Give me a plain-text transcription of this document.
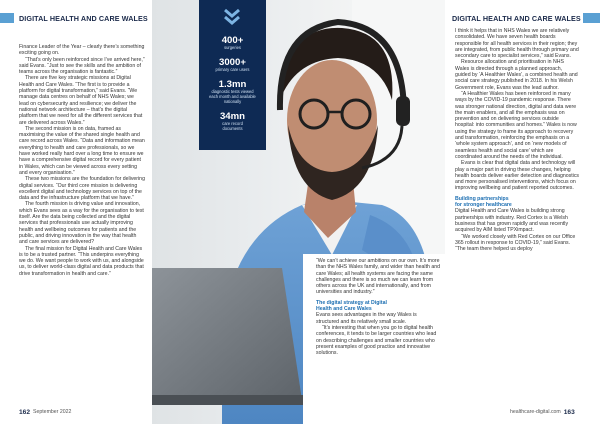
400+
surgeries
3000+
primary care users
1.3mn
diagnostic tests viewed
each month and available
nationally
34mn
care record
documents
DIGITAL HEALTH AND CARE WALES	DIGITAL HEALTH AND CARE WALES

Finance Leader of the Year – clearly there’s something exciting going on.

“That’s only been reinforced since I’ve arrived here,” said Evans. “Just to see the skills and the ambition of teams across the organisation is fantastic.”

There are five key strategic missions at Digital Health and Care Wales. “The first is to provide a platform for digital transformation,” said Evans. “We manage data centres on behalf of NHS Wales; we lead on cybersecurity and resilience; we deliver the national network architecture – that’s the digital platform that we need for all the different services that are delivered across Wales.”

The second mission is on data, framed as maximising the value of the shared single health and care record across Wales. “Data and information mean everything to health and care professionals, so we have worked really hard over a long time to ensure we have a comprehensive digital record for every patient in Wales, which can be viewed across every setting and every organisation.”

These two missions are the foundation for delivering digital services. “Our third core mission is delivering excellent digital and technology services on top of the data and the infrastructure platform that we have.”

The fourth mission is driving value and innovation, which Evans sees as a way for the organisation to test itself. Are the data being collected and the digital services that professionals use actually improving health and wellbeing outcomes for patients and the public, and driving innovation in the way that health and care services are delivered?

The final mission for Digital Health and Care Wales is to be a trusted partner. “This underpins everything we do. We want people to work with us, and alongside us, to deliver world-class digital and data products that drive transformation in health and care.”

“We can’t achieve our ambitions on our own. It’s more than the NHS Wales family, and wider than health and care Wales; all health systems are facing the same challenges and there is so much we can learn from others across the UK and internationally, and from universities and industry.”

The digital strategy at Digital
Health and Care Wales

Evans sees advantages in the way Wales is structured and its relatively small scale.

“It’s interesting that when you go to digital health conferences, it tends to be larger countries who lead on describing challenges and smaller countries who present examples of good practice and innovative solutions.

I think it helps that in NHS Wales we are relatively consolidated. We have seven health boards responsible for all health services in their region; they are integrated, from public health through primary and secondary care to specialist services,” said Evans.

Resource allocation and prioritisation in NHS Wales is directed through a planned approach, guided by ‘A Healthier Wales’, a combined health and social care strategy published in 2018. In his Welsh Government role, Evans was the lead author.

“A Healthier Wales has been reinforced in many ways by the COVID-19 pandemic response. There was stronger national direction, digital and data were the main enablers, and all the emphasis was on prevention and on delivering services outside hospital: into communities and homes.” Wales is now using the strategy to frame its approach to recovery and transformation, reinforcing the emphasis on a ‘whole system approach’, and on ‘new models of seamless health and social care’ which are coordinated around the needs of the individual.

Evans is clear that digital data and technology will play a major part in driving these changes, helping health boards deliver earlier detection and diagnostics and more personalised interventions, which focus on improving wellbeing and patient reported outcomes.

Building partnerships
for stronger healthcare

Digital Health and Care Wales is building strong partnerships with industry. Red Cortex is a Welsh business that has grown rapidly and was recently acquired by AIM listed TPXimpact.

“We worked closely with Red Cortex on our Office 365 rollout in response to COVID-19,” said Evans. “The team there helped us deploy

162 September 2022	healthcare-digital.com 163
